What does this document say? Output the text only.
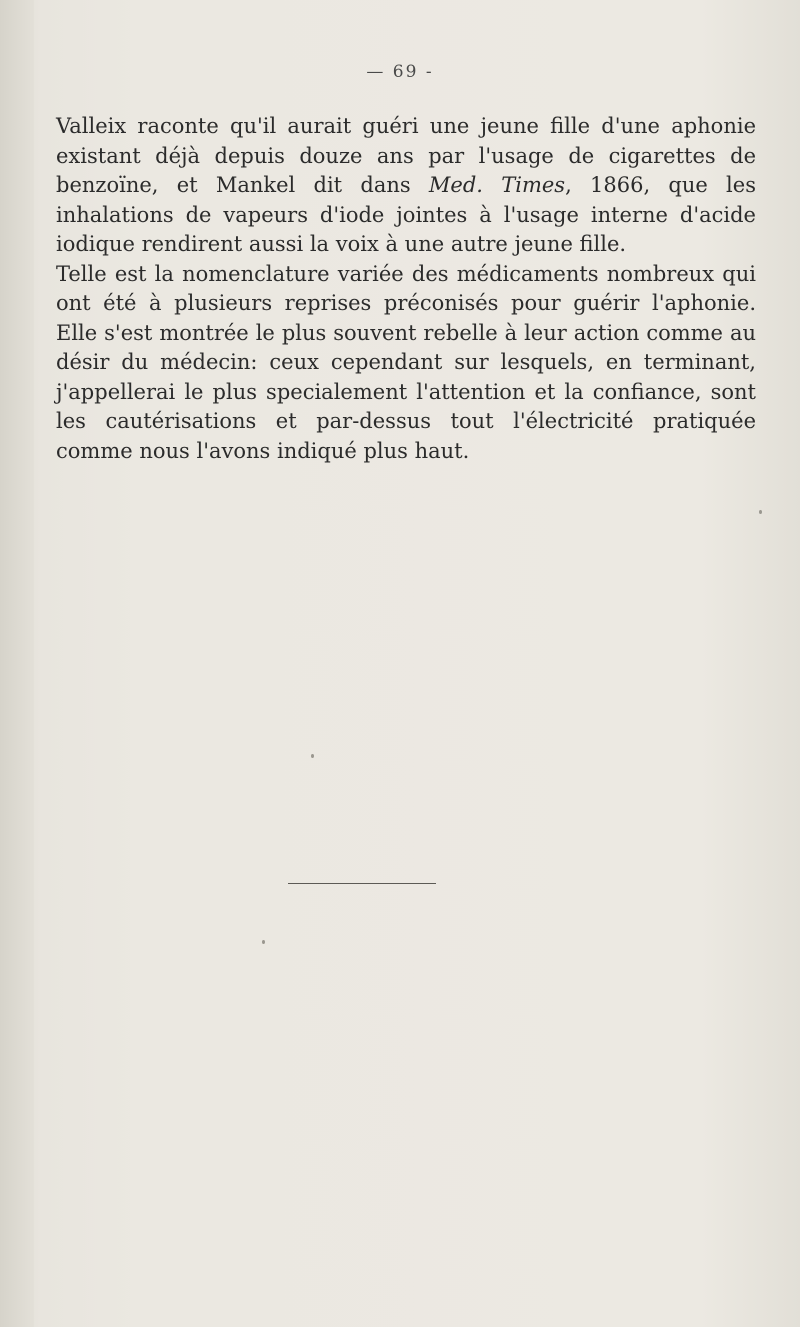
— 69 -

Valleix raconte qu'il aurait guéri une jeune fille d'une aphonie existant déjà depuis douze ans par l'usage de cigarettes de benzoïne, et Mankel dit dans Med. Times, 1866, que les inhalations de vapeurs d'iode jointes à l'usage interne d'acide iodique rendirent aussi la voix à une autre jeune fille.

Telle est la nomenclature variée des médicaments nombreux qui ont été à plusieurs reprises préconisés pour guérir l'aphonie. Elle s'est montrée le plus souvent rebelle à leur action comme au désir du médecin: ceux cependant sur lesquels, en terminant, j'appellerai le plus specialement l'attention et la confiance, sont les cautérisations et par-dessus tout l'électricité pratiquée comme nous l'avons indiqué plus haut.
